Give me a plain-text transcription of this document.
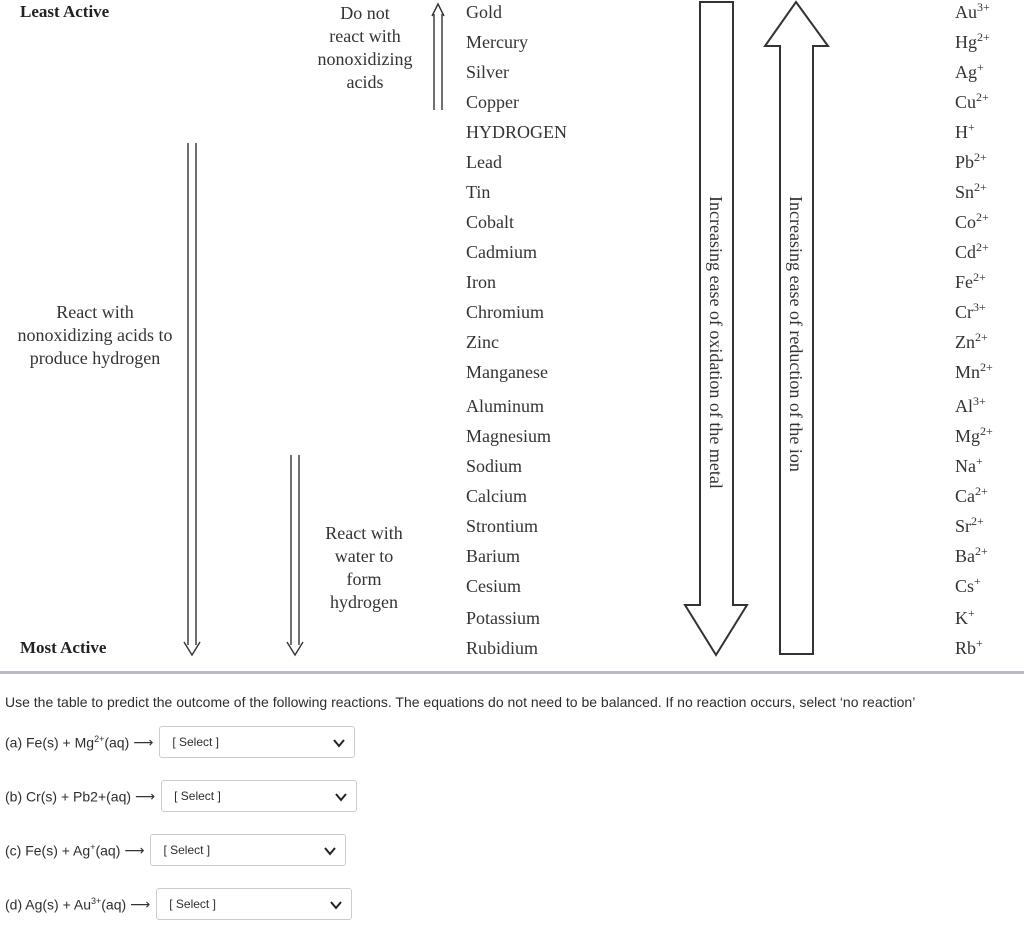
Least Active
Most Active
Do not
react with
nonoxidizing
acids
React with
nonoxidizing acids to
produce hydrogen
React with
water to
form
hydrogen
Increasing ease of oxidation of the metal	Increasing ease of reduction of the ion
Gold
Mercury
Silver
Copper
HYDROGEN
Lead
Tin
Cobalt
Cadmium
Iron
Chromium
Zinc
Manganese
Aluminum
Magnesium
Sodium
Calcium
Strontium
Barium
Cesium
Potassium
Rubidium
$Au^{3+}$
$Hg^{2+}$
Ag+
$Cu^{2+}$
H+
$Pb^{2+}$
$Sn^{2+}$
$Co^{2+}$
$Cd^{2+}$
$Fe^{2+}$
$Cr^{3+}$
$Zn^{2+}$
$Mn^{2+}$
$Al^{3+}$
$Mg^{2+}$
Na+
$Ca^{2+}$
$Sr^{2+}$
$Ba^{2+}$
Cs+
K+
Rb+
Use the table to predict the outcome of the following reactions. The equations do not need to be balanced. If no reaction occurs, select ‘no reaction’
(a) $Fe(s) + Mg^{2+}(aq)$ ⟶ [ Select ]
(b) Cr(s) + Pb2+(aq) ⟶ [ Select ]
(c) Fe(s) + Ag+(aq) ⟶ [ Select ]
(d) $Ag(s) + Au^{3+}(aq)$ ⟶ [ Select ]
